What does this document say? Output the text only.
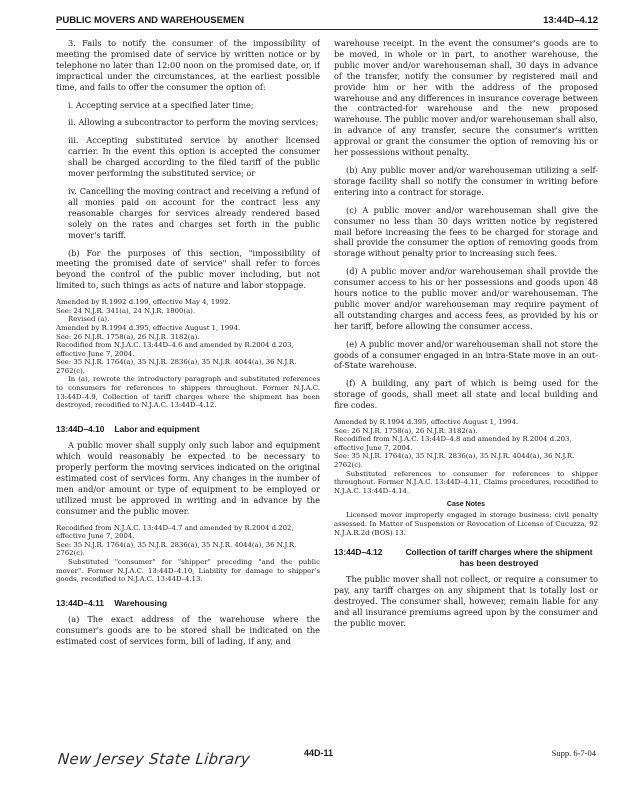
PUBLIC MOVERS AND WAREHOUSEMEN	13:44D–4.12

3. Fails to notify the consumer of the impossibility of meeting the promised date of service by written notice or by telephone no later than 12:00 noon on the promised date, or, if impractical under the circumstances, at the earliest possible time, and fails to offer the consumer the option of:

i. Accepting service at a specified later time;

ii. Allowing a subcontractor to perform the moving services;

iii. Accepting substituted service by another licensed carrier. In the event this option is accepted the consumer shall be charged according to the filed tariff of the public mover performing the substituted service; or

iv. Cancelling the moving contract and receiving a refund of all monies paid on account for the contract less any reasonable charges for services already rendered based solely on the rates and charges set forth in the public mover's tariff.

(b) For the purposes of this section, "impossibility of meeting the promised date of service" shall refer to forces beyond the control of the public mover including, but not limited to, such things as acts of nature and labor stoppage.

Amended by R.1992 d.199, effective May 4, 1992.
See: 24 N.J.R. 341(a), 24 N.J.R. 1800(a).
Revised (a).
Amended by R.1994 d.395, effective August 1, 1994.
See: 26 N.J.R. 1758(a), 26 N.J.R. 3182(a).
Recodified from N.J.A.C. 13:44D–4.6 and amended by R.2004 d.203, effective June 7, 2004.
See: 35 N.J.R. 1764(a), 35 N.J.R. 2836(a), 35 N.J.R. 4044(a), 36 N.J.R. 2762(c).
In (a), rewrote the introductory paragraph and substituted references to consumers for references to shippers throughout. Former N.J.A.C. 13:44D–4.9, Collection of tariff charges where the shipment has been destroyed, recodified to N.J.A.C. 13:44D–4.12.
13:44D–4.10 Labor and equipment

A public mover shall supply only such labor and equipment which would reasonably be expected to be necessary to properly perform the moving services indicated on the original estimated cost of services form. Any changes in the number of men and/or amount or type of equipment to be employed or utilized must be approved in writing and in advance by the consumer and the public mover.

Recodified from N.J.A.C. 13:44D–4.7 and amended by R.2004 d.202, effective June 7, 2004.
See: 35 N.J.R. 1764(a), 35 N.J.R. 2836(a), 35 N.J.R. 4044(a), 36 N.J.R. 2762(c).
Substituted "consumer" for "shipper" preceding "and the public mover". Former N.J.A.C. 13:44D–4.10, Liability for damage to shipper's goods, recodified to N.J.A.C. 13:44D–4.13.
13:44D–4.11 Warehousing

(a) The exact address of the warehouse where the consumer's goods are to be stored shall be indicated on the estimated cost of services form, bill of lading, if any, and

warehouse receipt. In the event the consumer's goods are to be moved, in whole or in part, to another warehouse, the public mover and/or warehouseman shall, 30 days in advance of the transfer, notify the consumer by registered mail and provide him or her with the address of the proposed warehouse and any differences in insurance coverage between the contracted-for warehouse and the new proposed warehouse. The public mover and/or warehouseman shall also, in advance of any transfer, secure the consumer's written approval or grant the consumer the option of removing his or her possessions without penalty.

(b) Any public mover and/or warehouseman utilizing a self-storage facility shall so notify the consumer in writing before entering into a contract for storage.

(c) A public mover and/or warehouseman shall give the consumer no less than 30 days written notice by registered mail before increasing the fees to be charged for storage and shall provide the consumer the option of removing goods from storage without penalty prior to increasing such fees.

(d) A public mover and/or warehouseman shall provide the consumer access to his or her possessions and goods upon 48 hours notice to the public mover and/or warehouseman. The public mover and/or warehouseman may require payment of all outstanding charges and access fees, as provided by his or her tariff, before allowing the consumer access.

(e) A public mover and/or warehouseman shall not store the goods of a consumer engaged in an intra-State move in an out-of-State warehouse.

(f) A building, any part of which is being used for the storage of goods, shall meet all state and local building and fire codes.

Amended by R.1994 d.395, effective August 1, 1994.
See: 26 N.J.R. 1758(a), 26 N.J.R. 3182(a).
Recodified from N.J.A.C. 13:44D–4.8 and amended by R.2004 d.203, effective June 7, 2004.
See: 35 N.J.R. 1764(a), 35 N.J.R. 2836(a), 35 N.J.R. 4044(a), 36 N.J.R. 2762(c).
Substituted references to consumer for references to shipper throughout. Former N.J.A.C. 13:44D–4.11, Claims procedures, recodified to N.J.A.C. 13:44D–4.14.
Case Notes
Licensed mover improperly engaged in storage business; civil penalty assessed. In Matter of Suspension or Revocation of License of Cucuzza, 92 N.J.A.R.2d (BOS) 13.
13:44D–4.12	Collection of tariff charges where the shipment has been destroyed

The public mover shall not collect, or require a consumer to pay, any tariff charges on any shipment that is totally lost or destroyed. The consumer shall, however, remain liable for any and all insurance premiums agreed upon by the consumer and the public mover.

New Jersey State Library	44D-11	Supp. 6-7-04
